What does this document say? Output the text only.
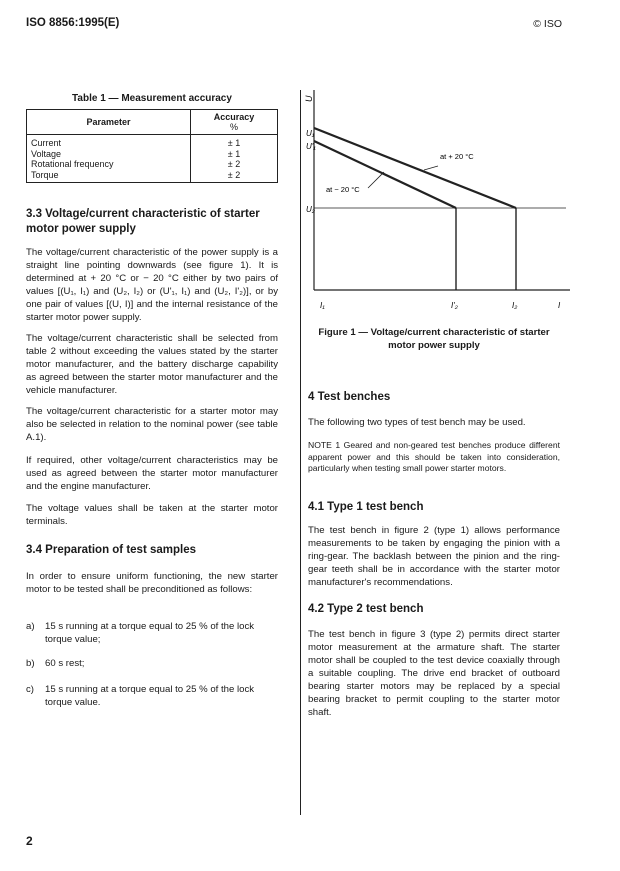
ISO 8856:1995(E)	© ISO
Table 1 — Measurement accuracy
Parameter	Accuracy
%

Current	± 1
Voltage	± 1
Rotational frequency	± 2
Torque	± 2
3.3 Voltage/current characteristic of starter motor power supply

The voltage/current characteristic of the power supply is a straight line pointing downwards (see figure 1). It is determined at + 20 °C or − 20 °C either by two pairs of values [(U₁, I₁) and (U₂, I₂) or (U'₁, I₁) and (U₂, I'₂)], or by one pair of values [(U, I)] and the internal resistance of the starter motor power supply.

The voltage/current characteristic shall be selected from table 2 without exceeding the values stated by the starter motor manufacturer, and the battery discharge capability as agreed between the starter motor manufacturer and the vehicle manufacturer.

The voltage/current characteristic for a starter motor may also be selected in relation to the nominal power (see table A.1).

If required, other voltage/current characteristics may be used as agreed between the starter motor manufacturer and the engine manufacturer.

The voltage values shall be taken at the starter motor terminals.

3.4 Preparation of test samples

In order to ensure uniform functioning, the new starter motor to be tested shall be preconditioned as follows:

a) 15 s running at a torque equal to 25 % of the lock torque value;
b) 60 s rest;
c) 15 s running at a torque equal to 25 % of the lock torque value.
U
U₁
U'₁
U₂
at + 20 °C
at − 20 °C
I₁	I'₂	I₂	I
Figure 1 — Voltage/current characteristic of starter motor power supply
4 Test benches

The following two types of test bench may be used.

NOTE 1 Geared and non-geared test benches produce different apparent power and this should be taken into consideration, particularly when testing small power starter motors.

4.1 Type 1 test bench

The test bench in figure 2 (type 1) allows performance measurements to be taken by engaging the pinion with a ring-gear. The backlash between the pinion and the ring-gear teeth shall be in accordance with the starter motor manufacturer's recommendations.

4.2 Type 2 test bench

The test bench in figure 3 (type 2) permits direct starter motor measurement at the armature shaft. The starter motor shall be coupled to the test device coaxially through a suitable coupling. The drive end bracket of outboard bearing starter motors may be replaced by a special bearing bracket to permit coupling to the starter motor shaft.

2
